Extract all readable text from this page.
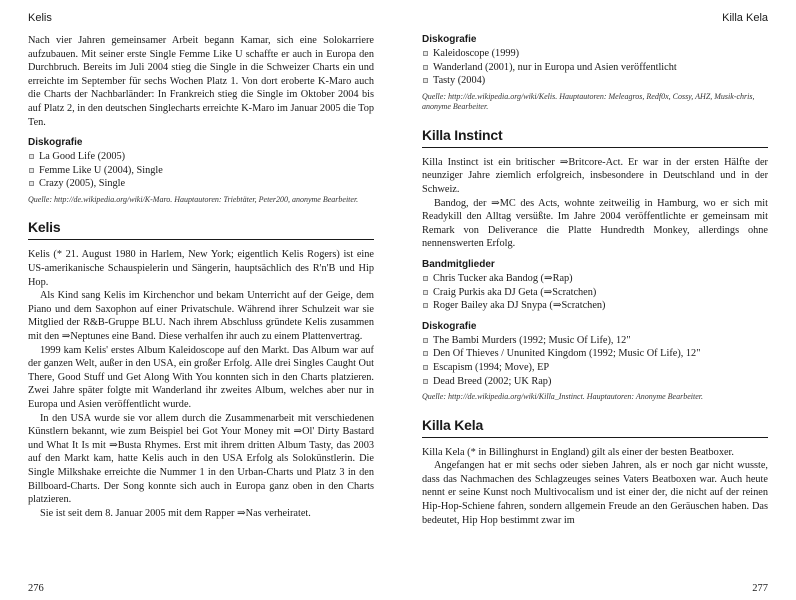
Kelis

Nach vier Jahren gemeinsamer Arbeit begann Kamar, sich eine Solokarriere aufzubauen. Mit seiner erste Single Femme Like U schaffte er auch in Europa den Durchbruch. Bereits im Juli 2004 stieg die Single in die Schweizer Charts ein und erreichte im September für sechs Wochen Platz 1. Von dort eroberte K-Maro auch die Charts der Nachbarländer: In Frankreich stieg die Single im Oktober 2004 bis auf Platz 2, in den deutschen Singlecharts erreichte K-Maro im Januar 2005 die Top Ten.

Diskografie
La Good Life (2005)
Femme Like U (2004), Single
Crazy (2005), Single

Quelle: http://de.wikipedia.org/wiki/K-Maro. Hauptautoren: Triebtäter, Peter200, anonyme Bearbeiter.

Kelis

Kelis (* 21. August 1980 in Harlem, New York; eigentlich Kelis Rogers) ist eine US-amerikanische Schauspielerin und Sängerin, hauptsächlich des R'n'B und Hip Hop.

Als Kind sang Kelis im Kirchenchor und bekam Unterricht auf der Geige, dem Piano und dem Saxophon auf einer Privatschule. Während ihrer Schulzeit war sie Mitglied der R&B-Gruppe BLU. Nach ihrem Abschluss gründete Kelis zusammen mit den ⇒Neptunes eine Band. Diese verhalfen ihr auch zu einem Plattenvertrag.

1999 kam Kelis' erstes Album Kaleidoscope auf den Markt. Das Album war auf der ganzen Welt, außer in den USA, ein großer Erfolg. Alle drei Singles Caught Out There, Good Stuff und Get Along With You konnten sich in den Charts platzieren. Zwei Jahre später folgte mit Wanderland ihr zweites Album, welches aber nur in Europa und Asien veröffentlicht wurde.

In den USA wurde sie vor allem durch die Zusammenarbeit mit verschiedenen Künstlern bekannt, wie zum Beispiel bei Got Your Money mit ⇒Ol' Dirty Bastard und What It Is mit ⇒Busta Rhymes. Erst mit ihrem dritten Album Tasty, das 2003 auf den Markt kam, hatte Kelis auch in den USA Erfolg als Solokünstlerin. Die Single Milkshake erreichte die Nummer 1 in den Urban-Charts und Platz 3 in den Billboard-Charts. Der Song konnte sich auch in Europa ganz oben in den Charts platzieren.

Sie ist seit dem 8. Januar 2005 mit dem Rapper ⇒Nas verheiratet.

276
Killa Kela
Diskografie
Kaleidoscope (1999)
Wanderland (2001), nur in Europa und Asien veröffentlicht
Tasty (2004)

Quelle: http://de.wikipedia.org/wiki/Kelis. Hauptautoren: Meleagros, Redf0x, Cossy, AHZ, Musik-chris, anonyme Bearbeiter.

Killa Instinct

Killa Instinct ist ein britischer ⇒Britcore-Act. Er war in der ersten Hälfte der neunziger Jahre ziemlich erfolgreich, insbesondere in Deutschland und in der Schweiz.

Bandog, der ⇒MC des Acts, wohnte zeitweilig in Hamburg, wo er sich mit Readykill den Alltag versüßte. Im Jahre 2004 veröffentlichte er gemeinsam mit Remark von Deliverance die Platte Hundredth Monkey, allerdings ohne nennenswerten Erfolg.

Bandmitglieder
Chris Tucker aka Bandog (⇒Rap)
Craig Purkis aka DJ Geta (⇒Scratchen)
Roger Bailey aka DJ Snypa (⇒Scratchen)
Diskografie
The Bambi Murders (1992; Music Of Life), 12"
Den Of Thieves / Ununited Kingdom (1992; Music Of Life), 12"
Escapism (1994; Move), EP
Dead Breed (2002; UK Rap)

Quelle: http://de.wikipedia.org/wiki/Killa_Instinct. Hauptautoren: Anonyme Bearbeiter.

Killa Kela

Killa Kela (* in Billinghurst in England) gilt als einer der besten Beatboxer.

Angefangen hat er mit sechs oder sieben Jahren, als er noch gar nicht wusste, dass das Nachmachen des Schlagzeuges seines Vaters Beatboxen war. Auch heute nennt er seine Kunst noch Multivocalism und ist einer der, die nicht auf der reinen Hip-Hop-Schiene fahren, sondern allgemein Freude an den Geräuschen haben. Das bedeutet, Hip Hop bestimmt zwar im

277
